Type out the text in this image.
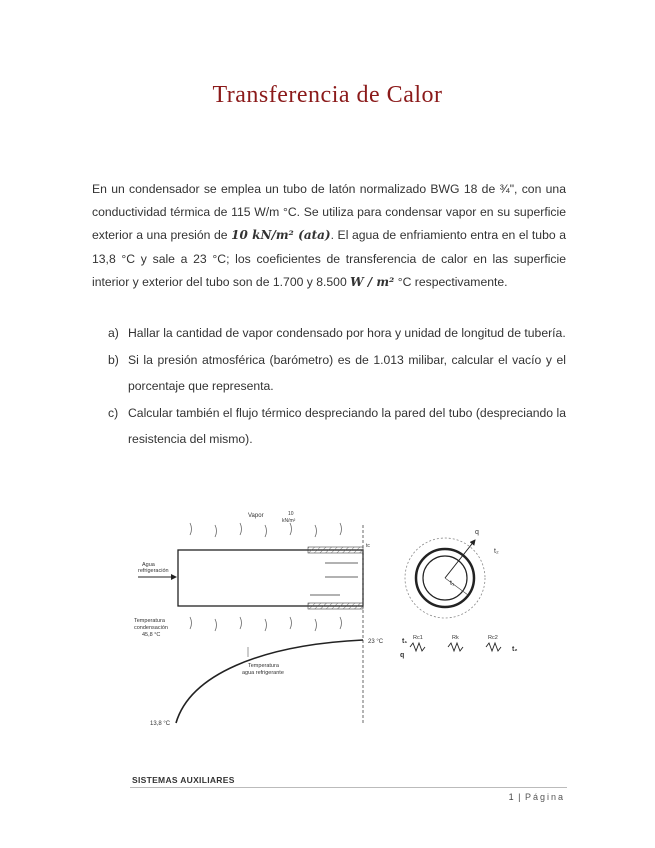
Transferencia de Calor
En un condensador se emplea un tubo de latón normalizado BWG 18 de ¾", con una conductividad térmica de 115 W/m °C. Se utiliza para condensar vapor en su superficie exterior a una presión de 10 kN/m² (ata). El agua de enfriamiento entra en el tubo a 13,8 °C y sale a 23 °C; los coeficientes de transferencia de calor en las superficie interior y exterior del tubo son de 1.700 y 8.500 W / m² °C respectivamente.
a) Hallar la cantidad de vapor condensado por hora y unidad de longitud de tubería.
b) Si la presión atmosférica (barómetro) es de 1.013 milibar, calcular el vacío y el porcentaje que representa.
c) Calcular también el flujo térmico despreciando la pared del tubo (despreciando la resistencia del mismo).
Vapor	10
kN/m²
Agua
refrigeración
tc
Temperatura
condensación
45,8 °C
Temperatura
agua refrigerante
13,8 °C
23 °C
q
t₁
t₂
t₁
q
Rc1	Rk	Rc2
t₂
SISTEMAS AUXILIARES
1 | Página
